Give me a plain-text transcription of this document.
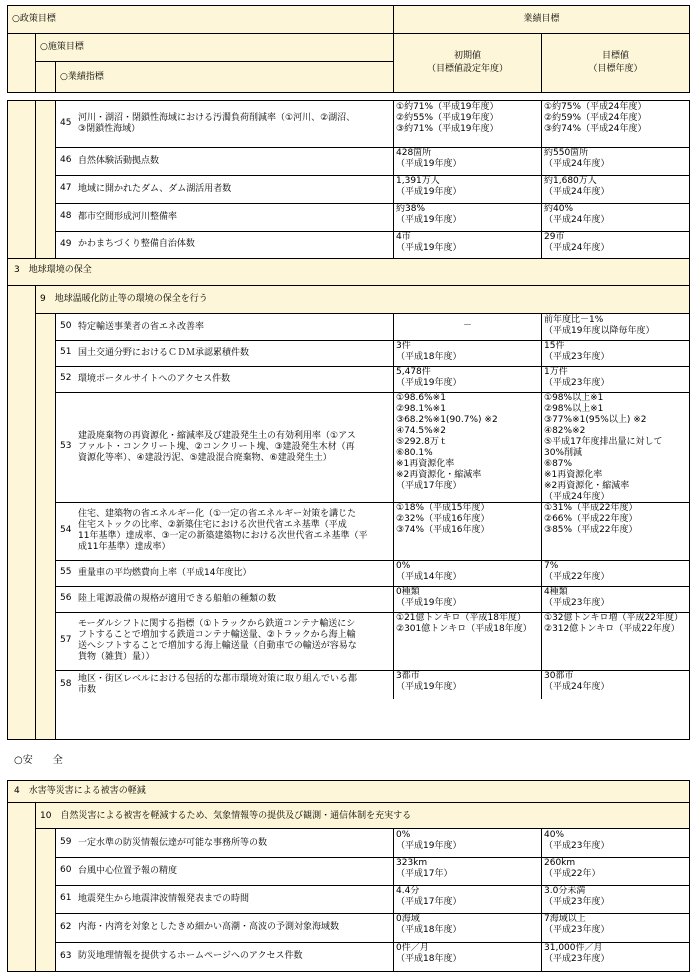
○政策目標
○施策目標
○業績指標
業績目標
初期値
（目標値設定年度）
目標値
（目標年度）
3　地球環境の保全
9　地球温暖化防止等の環境の保全を行う
45 河川・湖沼・閉鎖性海域における汚濁負荷削減率（①河川、②湖沼、
③閉鎖性海域）
①約71%（平成19年度）
②約55%（平成19年度）
③約71%（平成19年度）
①約75%（平成24年度）
②約59%（平成24年度）
③約74%（平成24年度）
46 自然体験活動拠点数
428箇所
（平成19年度）
約550箇所
（平成24年度）
47 地域に開かれたダム、ダム湖活用者数
1,391万人
（平成19年度）
約1,680万人
（平成24年度）
48 都市空間形成河川整備率
約38%
（平成19年度）
約40%
（平成24年度）
49 かわまちづくり整備自治体数
4市
（平成19年度）
29市
（平成24年度）
50 特定輸送事業者の省エネ改善率	－
前年度比－1%
（平成19年度以降毎年度）
51 国土交通分野におけるＣＤＭ承認累積件数
3件
（平成18年度）
15件
（平成23年度）
52 環境ポータルサイトへのアクセス件数
5,478件
（平成19年度）
1万件
（平成23年度）
53
建設廃棄物の再資源化・縮減率及び建設発生土の有効利用率（①アス
ファルト・コンクリート塊、②コンクリート塊、③建設発生木材（再
資源化等率）、④建設汚泥、⑤建設混合廃棄物、⑥建設発生土）
①98.6%※1
②98.1%※1
③68.2%※1(90.7%) ※2
④74.5%※2
⑤292.8万ｔ
⑥80.1%
※1再資源化率
※2再資源化・縮減率
（平成17年度）
①98%以上※1
②98%以上※1
③77%※1(95%以上) ※2
④82%※2
⑤平成17年度排出量に対して
30%削減
⑥87%
※1再資源化率
※2再資源化・縮減率
（平成24年度）
54
住宅、建築物の省エネルギー化（①一定の省エネルギー対策を講じた
住宅ストックの比率、②新築住宅における次世代省エネ基準（平成
11年基準）達成率、③一定の新築建築物における次世代省エネ基準（平
成11年基準）達成率）
①18%（平成15年度）
②32%（平成16年度）
③74%（平成16年度）
①31%（平成22年度）
②66%（平成22年度）
③85%（平成22年度）
55 重量車の平均燃費向上率（平成14年度比）
0%
（平成14年度）
7%
（平成22年度）
56 陸上電源設備の規格が適用できる船舶の種類の数
0種類
（平成19年度）
4種類
（平成23年度）
57
モーダルシフトに関する指標（①トラックから鉄道コンテナ輸送にシ
フトすることで増加する鉄道コンテナ輸送量、②トラックから海上輸
送へシフトすることで増加する海上輸送量（自動車での輸送が容易な
貨物（雑貨）量））
①21億トンキロ（平成18年度）
②301億トンキロ（平成18年度）
①32億トンキロ増（平成22年度）
②312億トンキロ（平成22年度）
58 地区・街区レベルにおける包括的な都市環境対策に取り組んでいる都
市数
3都市
（平成19年度）
30都市
（平成24年度）
○安　　全
4　水害等災害による被害の軽減
10　自然災害による被害を軽減するため、気象情報等の提供及び観測・通信体制を充実する
59 一定水準の防災情報伝達が可能な事務所等の数
0%
（平成19年度）
40%
（平成23年度）
60 台風中心位置予報の精度
323km
（平成17年）
260km
（平成22年）
61 地震発生から地震津波情報発表までの時間
4.4分
（平成17年度）
3.0分未満
（平成23年度）
62 内海・内湾を対象としたきめ細かい高潮・高波の予測対象海域数
0海域
（平成18年度）
7海域以上
（平成23年度）
63 防災地理情報を提供するホームページへのアクセス件数
0件／月
（平成18年度）
31,000件／月
（平成23年度）
